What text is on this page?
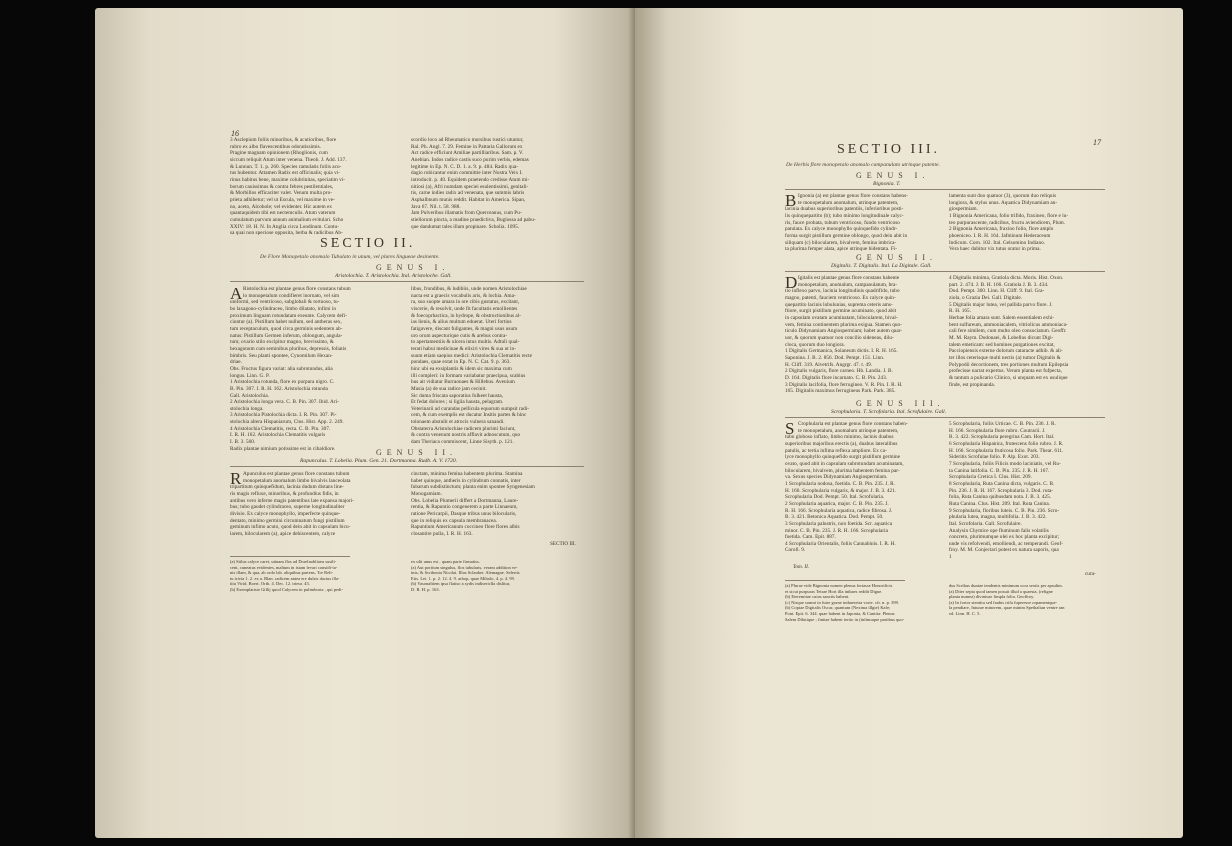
16
3 Asclepium foliis minoribus, & acutioribus, flore
rubro ex albo flavescentibus odoratissimis.
Pragine magnam opinionem (Rhoglionis, cum
siccum reliquit Atum inter venena. Theob. J. Add. 137.
& Lunnun. T. 1. p. 260. Species ramulatis foliis acu-
tus hubentur. Attamen Radix est officinalis; quia vi-
rinus habitus bene, maxime colubrinitas, speciatim vi-
borum cauissimus & contra febres pestilentiales,
& Morbillos efficaciter valet. Venum multa pro-
prieta adhibetur; vel ut Escula, vel maxime in ve-
no, aceto, Alcohole; vel evidenter. Hic autem ex
quantaquidem tibi est nectemculis. Atum vaterum
cumulatum parvum annum animalium evitulari. Scho
XXIV: 18. H. N. In Anglia circa Londinum. Contu-
sa quai non speciose opposita, herba & radicibus Ab-
scordio loco ad Rheumatico morsibus rustici utuntur,
Ral. Ph. Angl. 7. 29. Femine in Pattaria Gallorum ex
Act radice efficiunt Amiliae partilliaribus. Sam. p. V.
Anebian. Indos radice castis suco purim verbis, edemas
legitime in Ep. N. C. D. 1. a. 9. p. 484. Radix qua-
dagio rubicantur enim committie inter Nostra Veix I.
introducit. p. 40. Equidem praetendo credisse Atum mi-
nitiosi (a), Afri numdam speciei esulentissimi, genitali-
tis, carne indies radix ad venenata, que summis labris
Asphalbnum munis reddit. Habitat in America. Sipan,
Java 67. Nil. t. 58. 988.
Jam Pulveribus illamatis from Querceanus, cum Pu-
stiellorum pincta, a madine praedictiva, Buglossa ad pabu-
que dandumat tales illam propinare. Scholia. 1095.
SECTIO II.
De Flore Monopetalo anomalo Tubulato in unum, vel plures lingueae desinente.
GENUS I.
Aristolochia. T. Aristolochia. Ital. Aristoloche. Gall.
A Ristolochia est plantae genus flore constans tubum
lo monopetalum condifieret inornato, vel sim
uniformi, sed ventricoso, subglobali & tortuoso, tu-
bo laxagono-cylindraceo, limbo dilatato, infimi in
proximum linguam rotundatam exeunte. Calycem defi-
ciuntur (a). Pistillum habet nullum, sed antheras sex,
tum receptaculum, quod circa germinis sedentem ab-
natus: Pistillum Germen inferum, oblongum, angula-
tum; ovario stilo excipitur magno, brevissimo, &
hexagonum cum seminibus pluribus, depressis, foliatis
bimbris. Seu planti spontee, Cynomilum Hexan-
driae.
Obs. Fructus figura variat: alia subrotundus, alia
longus. Linn. G. P.
1 Aristolochia rotunda, flore ex purpura nigro. C.
B. Pin. 307. I. R. H. 162. Aristolochia rotunda
Gall. Aristolochia.
2 Aristolochia longa vera. C. B. Pin. 307. Ibid. Ari-
stolochia longa.
3 Aristolochia Pistolochia dicta. I. R. Pin. 307. Pi-
stolochia altera Hispaniarum, Clus. Hist. App. 2. 249.
4 Aristolochia Clematitis, recta. C. B. Pin. 307.
I. R. H. 162. Aristolochia Clematitis vulgaris
I. B. 3. 560.
Radix plantae nimium potissime est in cibaldiore.
libus, frondibus, & ludibiis, unde nomen Aristolochiae
nacta est a graecis vocabulis aris, & lochia. Ama-
ra, suo suopte amara in ore cibis gustatus, excitant,
viscerie, & resolvit, unde fit facultatis emollientes
& foecoprhactica, in hydrope, & obstructionibus al-
ias lienis, & alius multum eduerat. Uteri fortius
fatigavere, discant fuligantes, & magni usus usum
uro orum aspecturique cutis & arebus contra-
to apertamentiis & ulcera intus multis. Adtuli qual-
terati habui medicinae & elixiri vires & sua ut in-
suum etiam saepius medici: Aristolochia Clematitis recte
pondaes, quae extat in Ep. N. C. Cat. 9. p. 363.
hinc ubi ea exsiplantis & idem sic maxima cum
illi compleri: in formam variabatur praecipua, scabius
bus ait vidiatur Burraonaes & Hillebus. Avenium
Musia (a) de sua radice jam cecinit.
Sic duma friscata saporatius fulkeet hausta,
Et fedat dolores ; si ligila hausta, pelagram.
Veterinarii ad curandas pellicula equorum sumpsit radi-
cem, & cum exemplis est ducatur Insitis partes & hinc
tolonaem abstulit et atrocis vulnera sanandi.
Obstaterra Aristolochiae radicem plurimi faciunt,
& contra venenum nostris afflavit adnoscutum, quo
dam Theriaca commiscent, Linne Sisyth. p. 121.
GENUS II.
Rapunculus. T. Lobelia. Plum. Gen. 21. Dortmanna. Rudb. A. V. 1720.
R Apunculus est plantae genus flore constans tubum
monopetalum anomalum limbo bivalvis lanceolata
tripartitum quinquefidum, lacinia dudum distans line-
ris magis refluxe, minoribus, & profundius fidis, in
antibus vero inferne magis patentibus late expansa majori-
bus; tubo gaudet cylindraceo, superne longitudinaliter
divisio. Ex calyce monophyllo, imperfecte quinque-
dentato, minimo germini circumnatum fungi pistillum
geminum infimo acuto, quod dein abit in capsulam bicu-
larem, bilocularem (a), apice dehiscentem, calyce
cinctam, minima femina habentem plurima. Stamina
habet quinque, antheris in cylindrum connatis, inter
fubarum subdistinctum; planta enim spontee Syngenesiam
Monogamiam.
Obs. Lobelia Plumerii differt a Dortmanna, Laure-
rentia, & Rapuntio congenerem a parte Linnaeum,
ratione Pericarpii, Dasque tribus unus bilocularis,
que in reliquis ex capsula membranacea.
Rapuntium Americanum coccineo flore flores albis
closantire pulla, I. R. H. 163.
SECTIO III.
(a) Stilus calyce caret, utinam flos ad Dorelnobliaeu sustli-
cent, cuneatus evidentes, maltum in istam levari considi-ta-
nis illam, & qua, ab ordo lab. aliquibus partens, Tre Reli-
tu trivia 1. 2. ex a. Blan. radicem antea ere dulsis dactus illa-
titu Virid. Boert. Orth. 4. Dec. 12. trieur. 43.
(b) Exemplatiste Gillij quod Calycem in pulimborta , qui pedi-
ex ulti unus est , quam parte firmatiss.
(a) Aut portium singulus, flos tubularis, veram addition ve-
inis; & Scribonia Nicolai. Illus Sclauber. Alemagne. Seleriis
Etis. Lei. 1. p. 2. 12. 4. 9. arbop, quae Miholo, 4. p. 4. 99.
(b) Vasonaltiem ipsa flatiso a sydis indisericlla dislitur,
D. R. H. p. 163.
17
SECTIO III.
De Herbis flore monopetalo anomalo campanulato utrinque patente.
GENUS I.
Bignonia. T.
B Ignonia (a) est plantae genus flore constans habens-
te monopetalum anomalum, utrinque patentem,
lacinia duabus superioribus patentiis, inferioribus posti-
lis quinquepartito (b); tubo minimo longitudinale calyc-
ris, fauce probata, tubum ventricoso, fundo ventricoso
patulata. Ex calyce monophyllo quinquefido cylindr-
forma surgit pistillum germine oblongo, quod dein abit in
siliquam (c) bilocularem, bivalvem, femina imbrica-
ta plurima femper alata, apice utrinque bidentata. Fi-
lamenta sunt duo quatuor (3), quorum duo reliquis
longiora, & stylus unus. Aquatica Didynamiam an-
giospermiam.
1 Bignonia Americana, folio trifido, fraxineo, flore e lu-
teo purpurascente, radicibus, fructu aviendicem, Plum.
2 Bignonia Americana, fraxino folio, flore amplo
phoeniceo. I. R. H. 164. Jafminum Hederaceum
Indicum. Corn. 102. Ital. Gelsomino Indiano.
Vera haec dubitur vix tutus oratur in prima.
GENUS II.
Digitalis. T. Digitalis. Ital. La Digitale. Gall.
D Igitalis est plantae genus flore constans habente
monopetalum, anomalum, campanulatum, bra-
tio inflexo parvo, lacinia longitudinis quadrifido, tubo
magno, patenti, fauciem ventricoso. Ex calyce quin-
quepartito lacinis lobulunias, suprema ceteris ams-
ftiore, surgit pistillum germine acuminato, quod abit
in capsulam ovatam acuminatam, bilocularem, bival-
vem, femina continentem plurima exigua. Stamen quo-
ticulo Didynamiam Angiospermiam; habet autem quar-
uor, & quorum quatuor non concilio sideneas, dilu-
cloca, quorum duo longiora.
1 Digitalis Germanica, Solaneum dictis. I. R. H. 165.
Saponina. J. B. 2. 856. Dod. Pempt. 151. Linn.
H. Cliff. 319. Alvetrifs. Angrgr. 47. t. 49.
2 Digitalis vulgaris, flore carneo. Hb. Landia. J. B.
D. 164. Digitalis flore incarnato. C. B. Pin. 243.
3 Digitalis lacifolia, flore ferrugineo. V. R. Pin. I. R. H.
165. Digitalis maximus ferrugineus Park. Park. 385.
4 Digitalis minima, Gratiola dicta. Moris. Hist. Oxon.
part. 2. 474. J. B. H. 166. Gratiola J. B. 3. 434.
Dod. Pempt. 360. Linn. H. Cliff. 9. Ital. Gra-
ziola, o Grazia Dei. Gall. Digitale.
5 Digitalis major lutea, vel pallida parvo flore. J.
R. H. 165.
Herbae folia amara sunt. Salem essentialem exhi-
bent sulfureum, ammoniacalem, vitriolicus ammoniaca-
cali fere similem, cum multo oleo consociatum. Geoffr.
M. M. Raym. Dodonaei, & Lobellus dicunt Digi-
talem emeticam: sed homines purgationes excitat,
Pacciopiensis externe dolorum cataracte adhib. & ali-
ter illos ceterisque multi nectis (a) tumor Digitalis &
Polypodii decoctionem, tres portiones multum Epilepsia
profecisse narrat expertus. Verum planta est fufpecta,
& tantum a pulicario Clinico, si unquam est ex usulique
finde, est propinanda.
GENUS III.
Scrophularia. T. Scrofolaria. Ital. Scrofulaire. Gall.
S Crophularia est plantae genus flore constans haben-
te monopetalum, anomalum utrinque patentem,
tubo globoso inflato, limbo minimo, lacinis duabus
superioribus majoribus erectis (a), duabus lateralibus
patulis, ac tertia infima reflexa ampliore. Ex ca-
lyce monophyllo quinquefido surgit pistillum germine
ovato, quod abit in capsulam subrotundam acuminatam,
bilocularem, bivalvem, plurima habentem femina par-
va. Sexus species Didynamiam Angiospermiam.
1 Scrophularia nodosa, foetida. C. B. Pin. 235. J. R.
H. 166. Scrophularia vulgaris, & major. J. B. 3. 421.
Scrophularia Dod. Pempt. 50. Ital. Scrofolaria.
2 Scrophularia aquatica, major. C. B. Pin. 235. J.
R. H. 166. Scrophularia aquatica, radice fibrosa. J.
B. 3. 421. Betonica Aquatica. Dod. Pempt. 50.
3 Scrophularia palustris, non foetida. Scr. aquatica
minor. C. B. Pin. 235. J. R. H. 166. Scrophularia
foetida. Cam. Epit. 887.
4 Scrophularia Orientalis, foliis Cannabinis. I. R. H.
Coroll. 9.
5 Scrophularia, foliis Urticae. C. B. Pin. 236. J. R.
H. 166. Scrophularia flore rubro. Coutrarii. J.
B. 3. 422. Scrophularia peregrina Cam. Hort. Ital.
6 Scrophularia Hispanica, frutescens folio rubro. J. R.
H. 166. Scrophularia fruticosa folio. Park. Theat. 611.
Sideritis Scrofulae folio. P. Alp. Exot. 203.
7 Scrophularia, foliis Filicis modo laciniatis, vel Ru-
ta Canina latifolia. C. B. Pin. 235. J. R. H. 167.
Scrophularia Cretica I. Clus. Hist. 209.
8 Scrophularia, Ruta Canina dicta, vulgaris. C. B.
Pin. 236. J. R. H. 167. Scrophularia 3. Dod. ruta-
folia, Ruta Canina quibusdam nota. J. B. 3. 425.
Ruta Canina. Clus. Hist. 209. Ital. Ruta Canina.
9 Scrophularia, floribus luteis. C. B. Pin. 236. Scro-
phularia lutea, magna, multifolia. J. B. 3. 422.
Ital. Scrofolaria. Gall. Scrofulaire.
Analysin Chymice ope fluminum falis volatilis
concreto, plurimumque olei ex hoc planta excipitur;
unde vis refolvendi, emolliendi, ac temperandi. Geof-
froy. M. M. Conjectari potest ex natura saporis, qua
1
Tom. II.
cura-
(a) Plurae vide Bignonia nomen plenus fortasse Honorificis
et sicut purpuras Tetrae Hort illa inthaes reddit Digue.
(b) Eteremitae cuius sanctis habent.
(c) Nisque somni in futre gorne inthaeretra vorie. cfr. n. p. 399.
(b) Copiae Digitalis Oscar, quantum (Nexima illgie) Kafe;
Pont. Epit. 6. 344. quae habent in Japonia, & Cantita: Plenus
Salem Dilutique ; finitae habent tertio in (infimuque partibus quo-
dus Scribus duntae tendentis minimum ocra sextis per apsulim.
(a) Diter sepia quod tamen posuit illud a quaesta, (religne
planta numea) diviniuse fimpla folia. Geoffroy.
(a) In fortor stentitu sed faubis trifa fuperesse orpamentque-
la pendiare, Iniurae minorem, quae minim Spethalian ventre ran
ed. Linn. H. C. 5.
